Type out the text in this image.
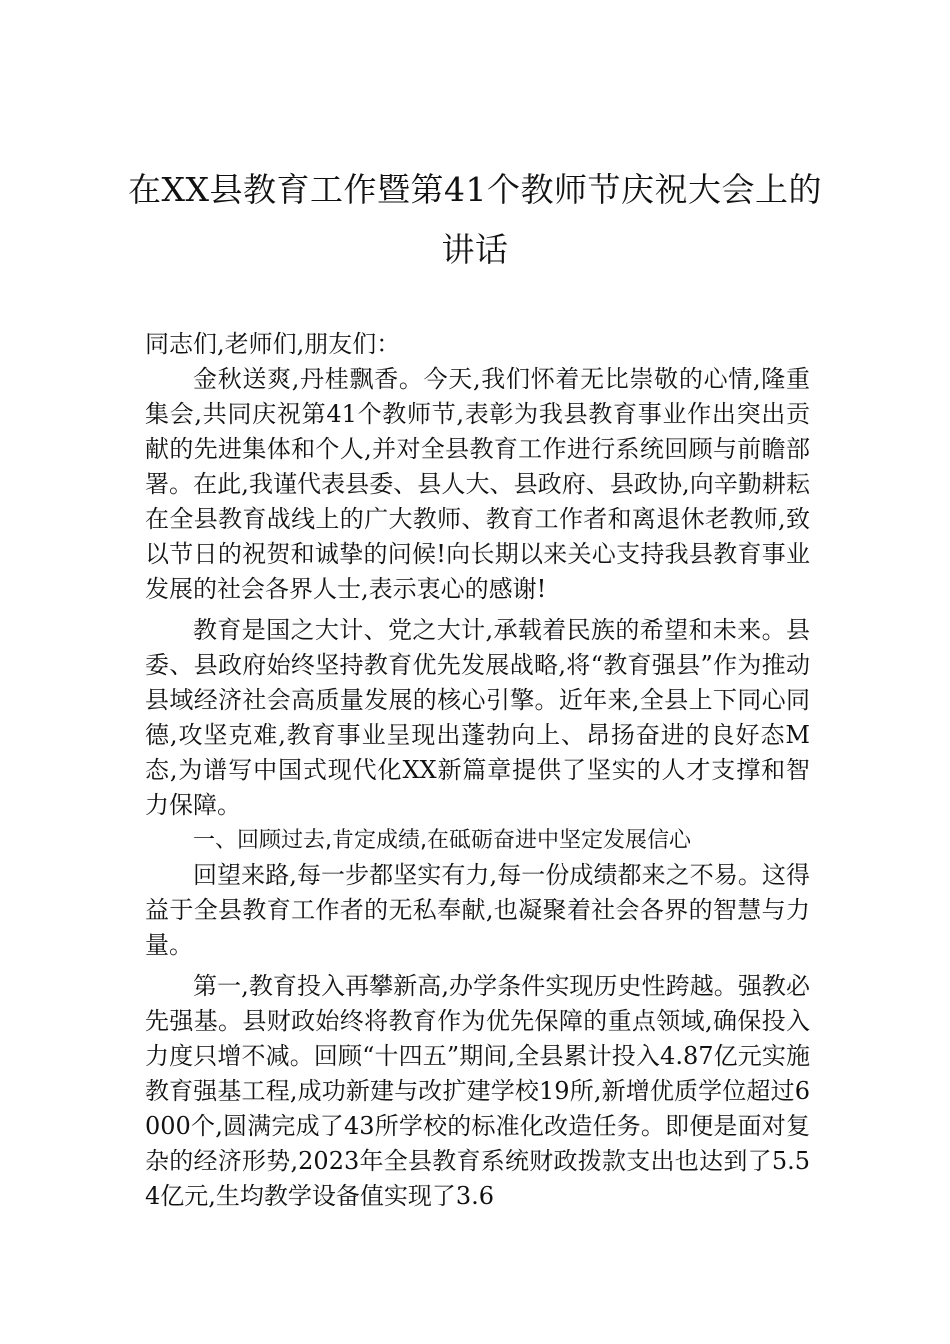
在XX县教育工作暨第41个教师节庆祝大会上的讲话

同志们,老师们,朋友们：

金秋送爽,丹桂飘香。今天,我们怀着无比崇敬的心情,隆重集会,共同庆祝第41个教师节,表彰为我县教育事业作出突出贡献的先进集体和个人,并对全县教育工作进行系统回顾与前瞻部署。在此,我谨代表县委、县人大、县政府、县政协,向辛勤耕耘在全县教育战线上的广大教师、教育工作者和离退休老教师,致以节日的祝贺和诚挚的问候!向长期以来关心支持我县教育事业发展的社会各界人士,表示衷心的感谢!

教育是国之大计、党之大计,承载着民族的希望和未来。县委、县政府始终坚持教育优先发展战略,将“教育强县”作为推动县域经济社会高质量发展的核心引擎。近年来,全县上下同心同德,攻坚克难,教育事业呈现出蓬勃向上、昂扬奋进的良好态M态,为谱写中国式现代化XX新篇章提供了坚实的人才支撑和智力保障。

一、回顾过去,肯定成绩,在砥砺奋进中坚定发展信心

回望来路,每一步都坚实有力,每一份成绩都来之不易。这得益于全县教育工作者的无私奉献,也凝聚着社会各界的智慧与力量。

第一,教育投入再攀新高,办学条件实现历史性跨越。强教必先强基。县财政始终将教育作为优先保障的重点领域,确保投入力度只增不减。回顾“十四五”期间,全县累计投入4.87亿元实施教育强基工程,成功新建与改扩建学校19所,新增优质学位超过6000个,圆满完成了43所学校的标准化改造任务。即便是面对复杂的经济形势,2023年全县教育系统财政拨款支出也达到了5.54亿元,生均教学设备值实现了3.6
